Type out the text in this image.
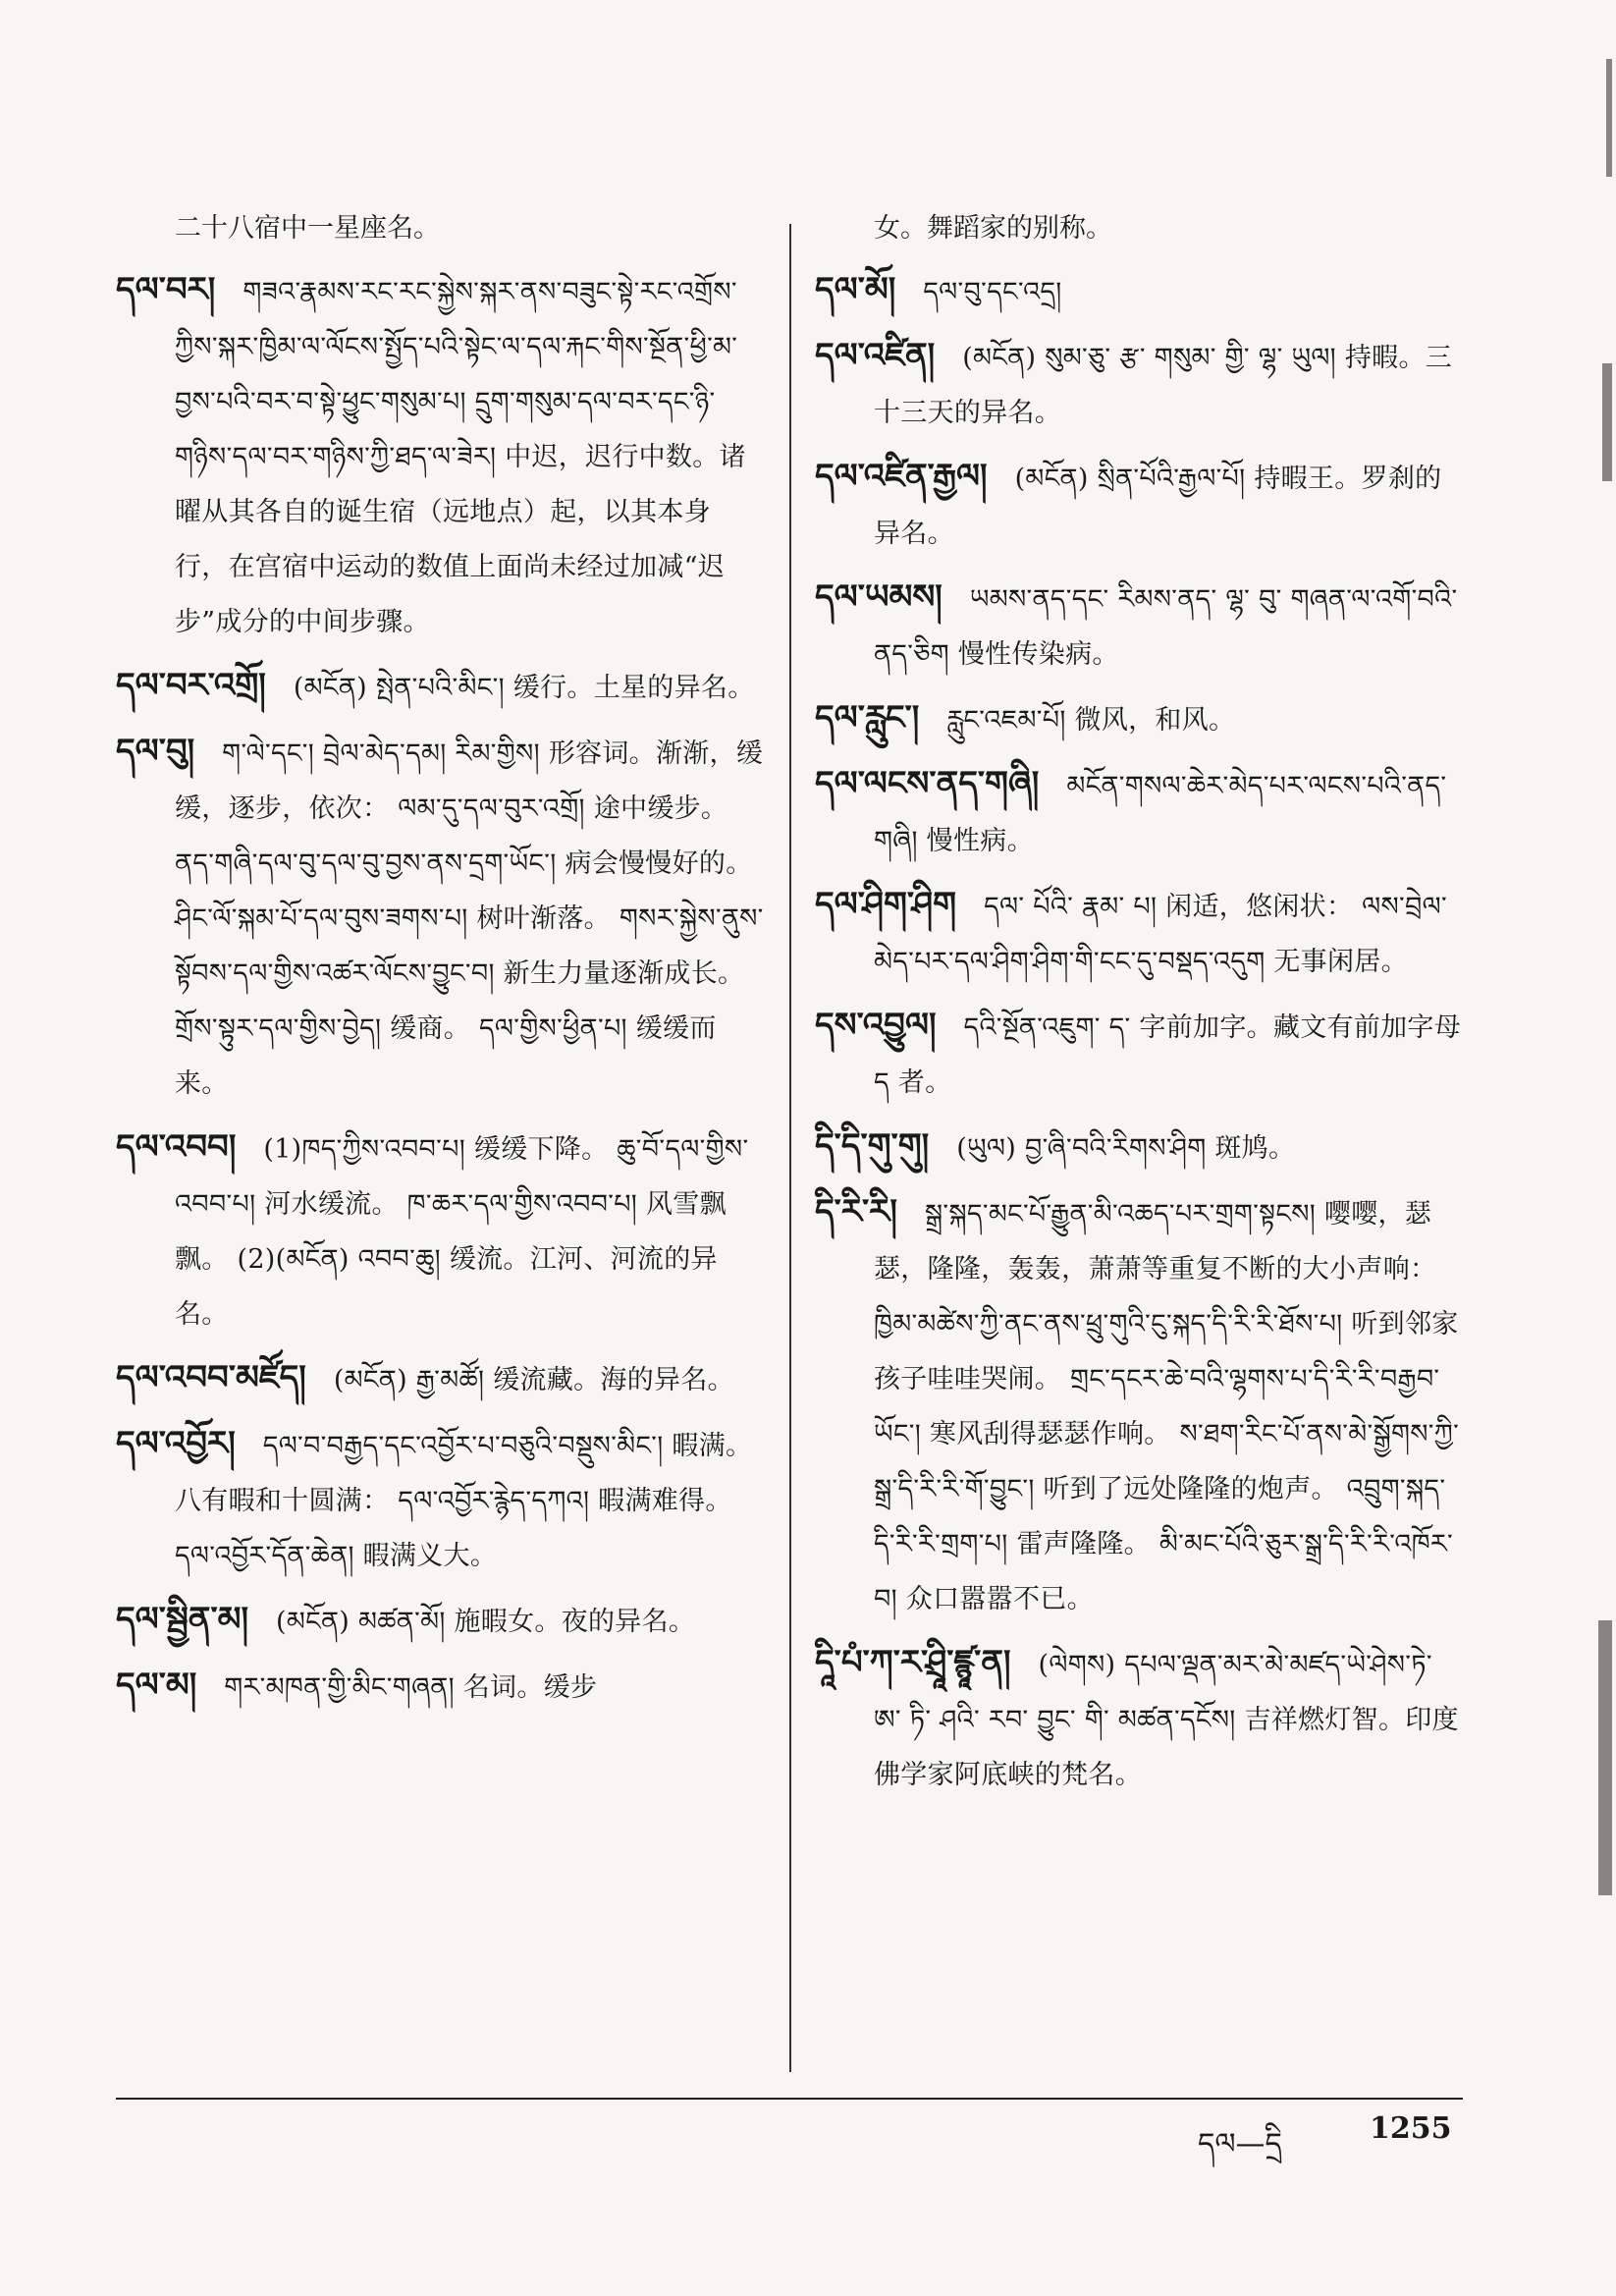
二十八宿中一星座名。

དལ་བར། གཟའ་རྣམས་རང་རང་སྐྱེས་སྐར་ནས་བཟུང་སྟེ་རང་འགྲོས་ཀྱིས་སྐར་ཁྱིམ་ལ་ལོངས་སྤྱོད་པའི་སྟེང་ལ་དལ་རྐང་གིས་སྔོན་ཕྱི་མ་བྱས་པའི་བར་བ་སྟེ་ཕྱུང་གསུམ་པ། དྲུག་གསུམ་དལ་བར་དང་ཉི་གཉིས་དལ་བར་གཉིས་ཀྱི་ཐད་ལ་ཟེར། 中迟，迟行中数。诸曜从其各自的诞生宿（远地点）起，以其本身行，在宫宿中运动的数值上面尚未经过加减“迟步”成分的中间步骤。
དལ་བར་འགྲོ། (མངོན) སྤེན་པའི་མིང་། 缓行。土星的异名。
དལ་བུ། ག་ལེ་དང་། བྲེལ་མེད་དམ། རིམ་གྱིས། 形容词。渐渐，缓缓，逐步，依次： ལམ་དུ་དལ་བུར་འགྲོ། 途中缓步。 ནད་གཞི་དལ་བུ་དལ་བུ་བྱས་ནས་དྲག་ཡོང་། 病会慢慢好的。 ཤིང་ལོ་སྐམ་པོ་དལ་བུས་ཟགས་པ། 树叶渐落。 གསར་སྐྱེས་ནུས་སྟོབས་དལ་གྱིས་འཚར་ལོངས་བྱུང་བ། 新生力量逐渐成长。 གྲོས་སྟུར་དལ་གྱིས་བྱེད། 缓商。 དལ་གྱིས་ཕྱིན་པ། 缓缓而来。
དལ་འབབ། (1)ཁད་ཀྱིས་འབབ་པ། 缓缓下降。 ཆུ་བོ་དལ་གྱིས་འབབ་པ། 河水缓流。 ཁ་ཆར་དལ་གྱིས་འབབ་པ། 风雪飘飘。 (2)(མངོན) འབབ་ཆུ། 缓流。江河、河流的异名。
དལ་འབབ་མཛོད། (མངོན) རྒྱ་མཚོ། 缓流藏。海的异名。
དལ་འབྱོར། དལ་བ་བརྒྱད་དང་འབྱོར་པ་བཅུའི་བསྡུས་མིང་། 暇满。八有暇和十圆满： དལ་འབྱོར་རྙེད་དཀའ། 暇满难得。 དལ་འབྱོར་དོན་ཆེན། 暇满义大。
དལ་སྦྱིན་མ། (མངོན) མཚན་མོ། 施暇女。夜的异名。
དལ་མ། གར་མཁན་གྱི་མིང་གཞན། 名词。缓步

女。舞蹈家的别称。

དལ་མོ། དལ་བུ་དང་འདྲ།
དལ་འཛིན། (མངོན) སུམ་ཅུ་ རྩ་ གསུམ་ གྱི་ ལྷ་ ཡུལ། 持暇。三十三天的异名。
དལ་འཛིན་རྒྱལ། (མངོན) སྲིན་པོའི་རྒྱལ་པོ། 持暇王。罗刹的异名。
དལ་ཡམས། ཡམས་ནད་དང་ རིམས་ནད་ ལྷ་ བུ་ གཞན་ལ་འགོ་བའི་ནད་ཅིག 慢性传染病。
དལ་རླུང་། རླུང་འཇམ་པོ། 微风，和风。
དལ་ལངས་ནད་གཞི། མངོན་གསལ་ཆེར་མེད་པར་ལངས་པའི་ནད་གཞི། 慢性病。
དལ་ཤིག་ཤིག དལ་ པོའི་ རྣམ་ པ། 闲适，悠闲状： ལས་བྲེལ་མེད་པར་དལ་ཤིག་ཤིག་གི་ངང་དུ་བསྡད་འདུག 无事闲居。
དས་འབྱུལ། དའི་སྔོན་འཇུག་ ད་ 字前加字。藏文有前加字母 ད 者。
དི་དི་གུ་གུ། (ཡུལ) བྱ་ཞི་བའི་རིགས་ཤིག 斑鸠。
དི་རི་རི། སྒྲ་སྐད་མང་པོ་རྒྱུན་མི་འཆད་པར་གྲག་སྟངས། 嘤嘤，瑟瑟，隆隆，轰轰，萧萧等重复不断的大小声响： ཁྱིམ་མཚེས་ཀྱི་ནང་ནས་ཕྲུ་གུའི་ངུ་སྐད་དི་རི་རི་ཐོས་པ། 听到邻家孩子哇哇哭闹。 གྲང་དངར་ཆེ་བའི་ལྷགས་པ་དི་རི་རི་བརྒྱབ་ཡོང་། 寒风刮得瑟瑟作响。 ས་ཐག་རིང་པོ་ནས་མེ་སྒྱོགས་ཀྱི་སྒྲ་དི་རི་རི་གོ་བྱུང་། 听到了远处隆隆的炮声。 འབྲུག་སྐད་དི་རི་རི་གྲག་པ། 雷声隆隆。 མི་མང་པོའི་ཅུར་སྒྲ་དི་རི་རི་འཁོར་བ། 众口嚣嚣不已。
དཱི་པཾ་ཀ་ར་ཤྲཱི་ཛྙཱ་ན། (ལེགས) དཔལ་ལྡན་མར་མེ་མཛད་ཡེ་ཤེས་ཏེ་ ཨ་ ཏི་ ཤའི་ རབ་ བྱུང་ གི་ མཚན་དངོས། 吉祥燃灯智。印度佛学家阿底峡的梵名。
དལ—དྲི	1255
